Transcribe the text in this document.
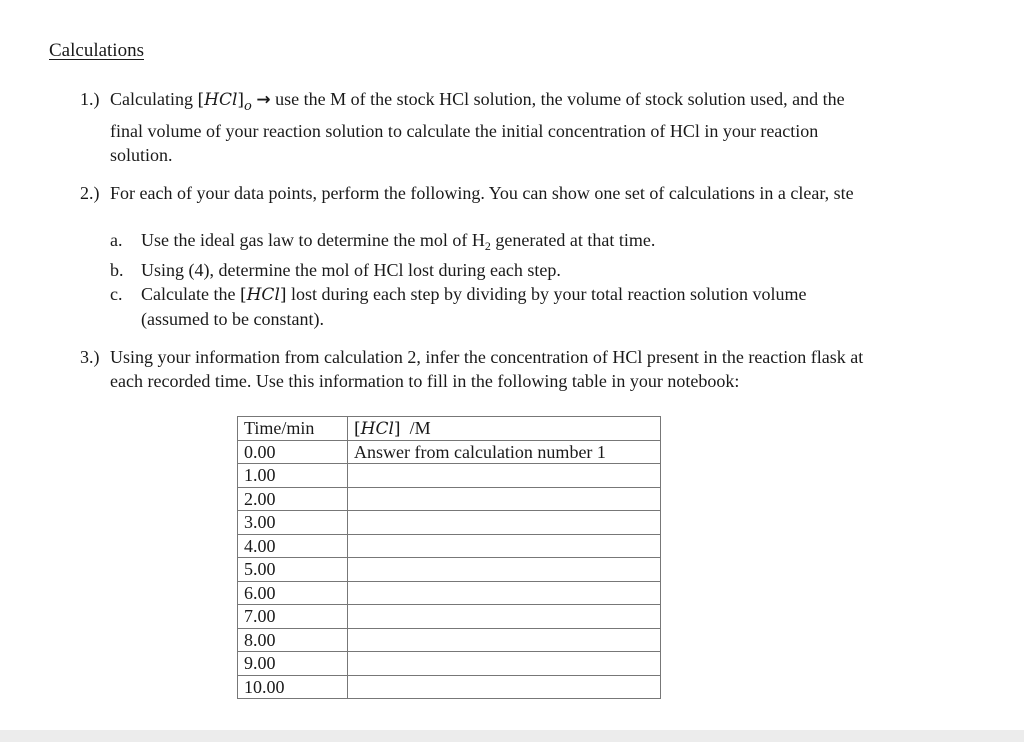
Calculations
1.) Calculating $[HCl]_o$ → use the M of the stock HCl solution, the volume of stock solution used, and the
final volume of your reaction solution to calculate the initial concentration of HCl in your reaction
solution.
2.) For each of your data points, perform the following. You can show one set of calculations in a clear, ste
a. Use the ideal gas law to determine the mol of $H_2$ generated at that time.
b. Using (4), determine the mol of HCl lost during each step.
c. Calculate the [HCl] lost during each step by dividing by your total reaction solution volume
(assumed to be constant).
3.) Using your information from calculation 2, infer the concentration of HCl present in the reaction flask at
each recorded time. Use this information to fill in the following table in your notebook:
Time/min	[HCl]  /M
0.00	Answer from calculation number 1
1.00	
2.00	
3.00	
4.00	
5.00	
6.00	
7.00	
8.00	
9.00	
10.00	
